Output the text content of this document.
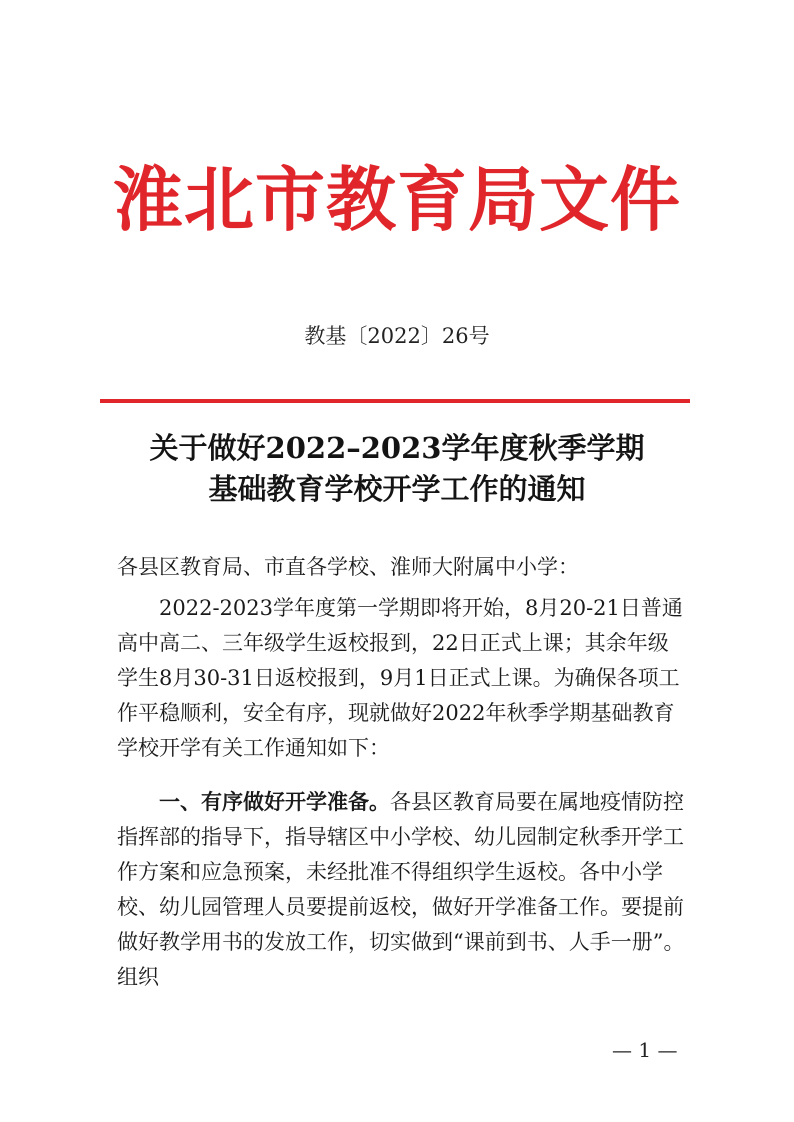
淮北市教育局文件
教基〔2022〕26号
关于做好2022–2023学年度秋季学期
基础教育学校开学工作的通知
各县区教育局、市直各学校、淮师大附属中小学：
2022-2023学年度第一学期即将开始，8月20-21日普通高中高二、三年级学生返校报到，22日正式上课；其余年级学生8月30-31日返校报到，9月1日正式上课。为确保各项工作平稳顺利，安全有序，现就做好2022年秋季学期基础教育学校开学有关工作通知如下：
一、有序做好开学准备。各县区教育局要在属地疫情防控指挥部的指导下，指导辖区中小学校、幼儿园制定秋季开学工作方案和应急预案，未经批准不得组织学生返校。各中小学校、幼儿园管理人员要提前返校，做好开学准备工作。要提前做好教学用书的发放工作，切实做到“课前到书、人手一册”。组织
— 1 —
